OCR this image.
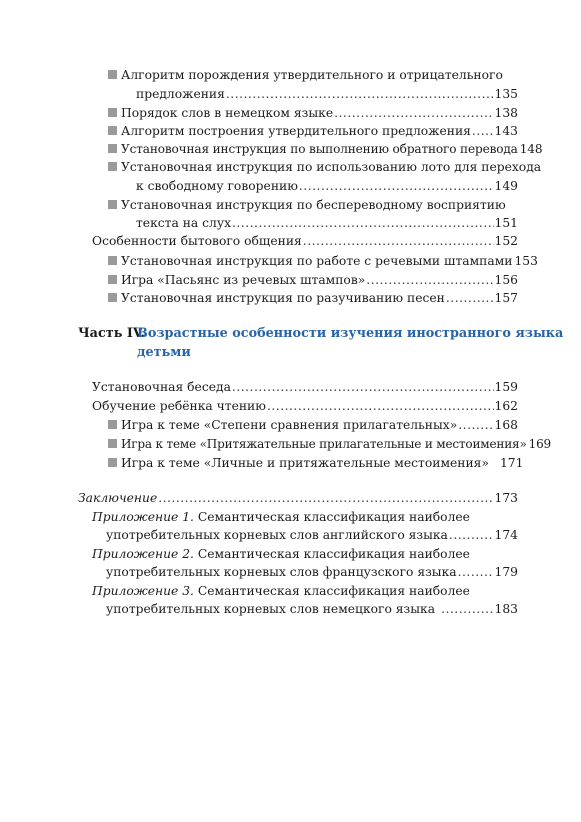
Алгоритм порождения утвердительного и отрицательного
предложения .....	135
Порядок слов в немецком языке .....	138
Алгоритм построения утвердительного предложения ..... 143
Установочная инструкция по выполнению обратного перевода 148
Установочная инструкция по использованию лото для перехода
к свободному говорению .....	149
Установочная инструкция по беспереводному восприятию
текста на слух .....	151
Особенности бытового общения .....	152
Установочная инструкция по работе с речевыми штампами 153
Игра «Пасьянс из речевых штампов» .....	156
Установочная инструкция по разучиванию песен .....	157
Часть IV.
Возрастные особенности изучения иностранного языка
детьми
Установочная беседа .....	159
Обучение ребёнка чтению .....	162
Игра к теме «Степени сравнения прилагательных» .....	168
Игра к теме «Притяжательные прилагательные и местоимения» 169
Игра к теме «Личные и притяжательные местоимения» 171
Заключение .....	173
Приложение 1. Семантическая классификация наиболее
употребительных корневых слов английского языка .....	174
Приложение 2. Семантическая классификация наиболее
употребительных корневых слов французского языка .....	179
Приложение 3. Семантическая классификация наиболее
употребительных корневых слов немецкого языка .....	183
